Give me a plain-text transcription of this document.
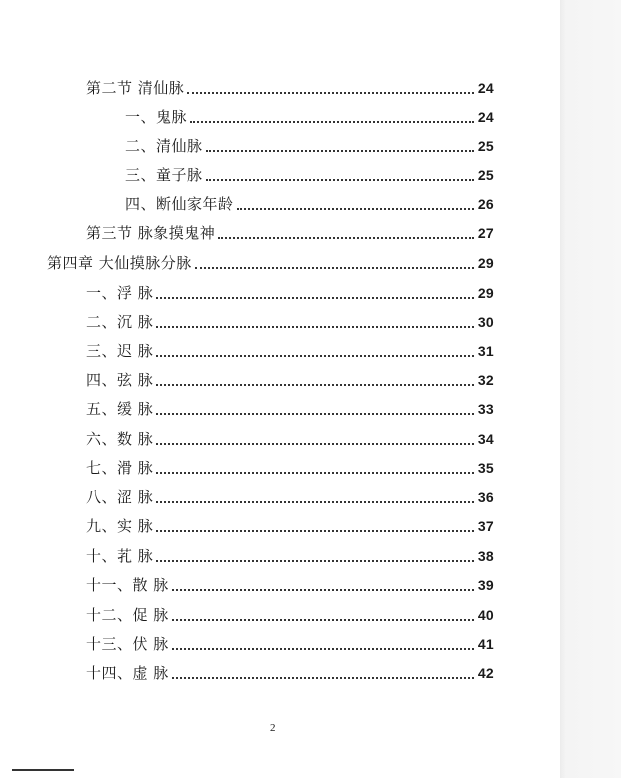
第二节 清仙脉	24
一、鬼脉	24
二、清仙脉	25
三、童子脉	25
四、断仙家年龄	26
第三节 脉象摸鬼神	27
第四章 大仙摸脉分脉	29
一、浮 脉	29
二、沉 脉	30
三、迟 脉	31
四、弦 脉	32
五、缓 脉	33
六、数 脉	34
七、滑 脉	35
八、涩 脉	36
九、实 脉	37
十、芤 脉	38
十一、散 脉	39
十二、促 脉	40
十三、伏 脉	41
十四、虚 脉	42
2
